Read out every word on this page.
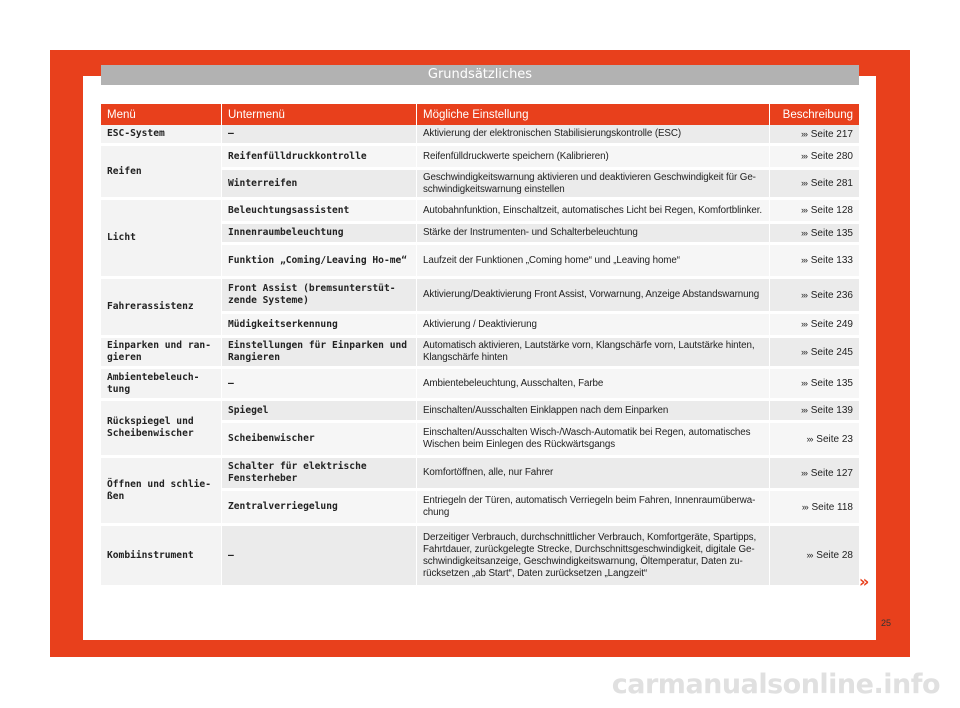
Grundsätzliches
Menü	Untermenü	Mögliche Einstellung	Beschreibung
ESC-System	–	Aktivierung der elektronischen Stabilisierungskontrolle (ESC)	››› Seite 217
Reifen	Reifenfülldruckkontrolle	Reifenfülldruckwerte speichern (Kalibrieren)	››› Seite 280
	Winterreifen	Geschwindigkeitswarnung aktivieren und deaktivieren Geschwindigkeit für Ge-schwindigkeitswarnung einstellen	››› Seite 281
Licht	Beleuchtungsassistent	Autobahnfunktion, Einschaltzeit, automatisches Licht bei Regen, Komfortblinker.	››› Seite 128
	Innenraumbeleuchtung	Stärke der Instrumenten- und Schalterbeleuchtung	››› Seite 135
	Funktion „Coming/Leaving Ho-me“	Laufzeit der Funktionen „Coming home“ und „Leaving home“	››› Seite 133
Fahrerassistenz	Front Assist (bremsunterstüt-zende Systeme)	Aktivierung/Deaktivierung Front Assist, Vorwarnung, Anzeige Abstandswarnung	››› Seite 236
	Müdigkeitserkennung	Aktivierung / Deaktivierung	››› Seite 249
Einparken und ran-gieren	Einstellungen für Einparken und Rangieren	Automatisch aktivieren, Lautstärke vorn, Klangschärfe vorn, Lautstärke hinten, Klangschärfe hinten	››› Seite 245
Ambientebeleuch-tung	–	Ambientebeleuchtung, Ausschalten, Farbe	››› Seite 135
Rückspiegel und Scheibenwischer	Spiegel	Einschalten/Ausschalten Einklappen nach dem Einparken	››› Seite 139
	Scheibenwischer	Einschalten/Ausschalten Wisch-/Wasch-Automatik bei Regen, automatisches Wischen beim Einlegen des Rückwärtsgangs	››› Seite 23
Öffnen und schlie-ßen	Schalter für elektrische Fensterheber	Komfortöffnen, alle, nur Fahrer	››› Seite 127
	Zentralverriegelung	Entriegeln der Türen, automatisch Verriegeln beim Fahren, Innenraumüberwa-chung	››› Seite 118
Kombiinstrument	–	Derzeitiger Verbrauch, durchschnittlicher Verbrauch, Komfortgeräte, Spartipps, Fahrtdauer, zurückgelegte Strecke, Durchschnittsgeschwindigkeit, digitale Ge-schwindigkeitsanzeige, Geschwindigkeitswarnung, Öltemperatur, Daten zu-rücksetzen „ab Start“, Daten zurücksetzen „Langzeit“	››› Seite 28
»
25
carmanualsonline.info
